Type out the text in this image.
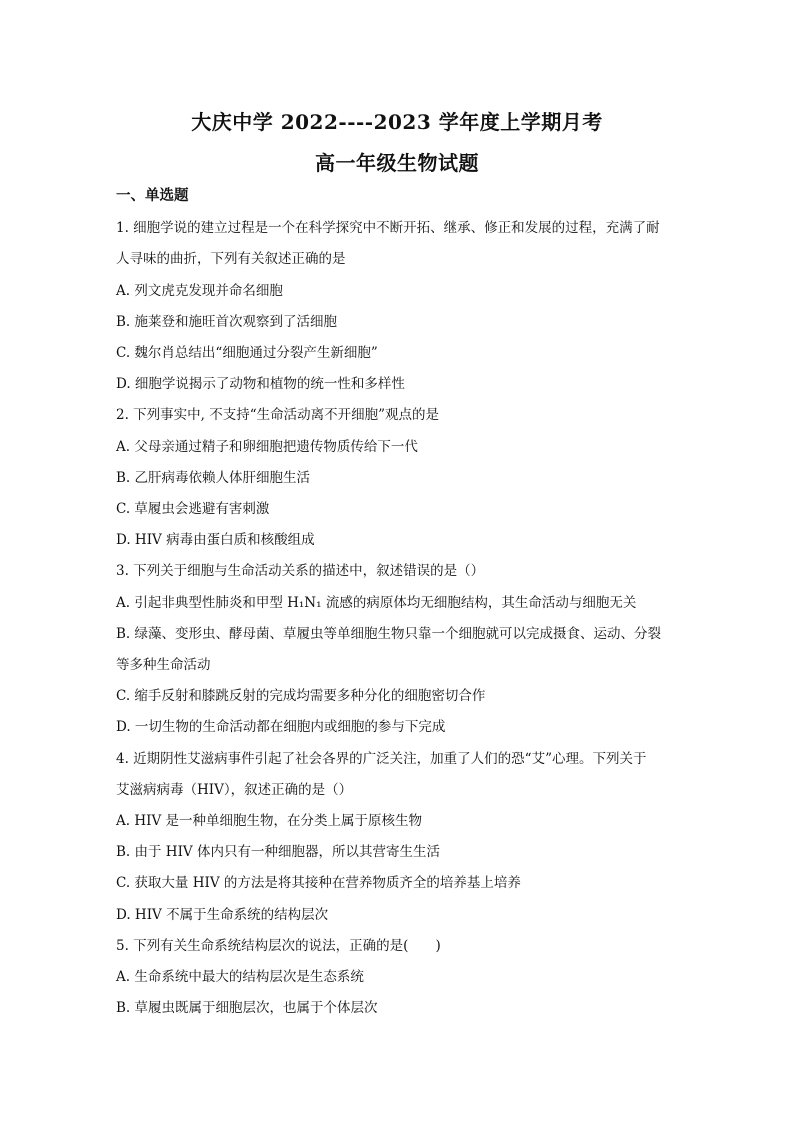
大庆中学 2022----2023 学年度上学期月考
高一年级生物试题
一、单选题
1. 细胞学说的建立过程是一个在科学探究中不断开拓、继承、修正和发展的过程，充满了耐
人寻味的曲折，下列有关叙述正确的是
A. 列文虎克发现并命名细胞
B. 施莱登和施旺首次观察到了活细胞
C. 魏尔肖总结出“细胞通过分裂产生新细胞”
D. 细胞学说揭示了动物和植物的统一性和多样性
2. 下列事实中, 不支持“生命活动离不开细胞”观点的是
A. 父母亲通过精子和卵细胞把遗传物质传给下一代
B. 乙肝病毒依赖人体肝细胞生活
C. 草履虫会逃避有害刺激
D. HIV 病毒由蛋白质和核酸组成
3. 下列关于细胞与生命活动关系的描述中，叙述错误的是（）
A. 引起非典型性肺炎和甲型 H₁N₁ 流感的病原体均无细胞结构，其生命活动与细胞无关
B. 绿藻、变形虫、酵母菌、草履虫等单细胞生物只靠一个细胞就可以完成摄食、运动、分裂
等多种生命活动
C. 缩手反射和膝跳反射的完成均需要多种分化的细胞密切合作
D. 一切生物的生命活动都在细胞内或细胞的参与下完成
4. 近期阴性艾滋病事件引起了社会各界的广泛关注，加重了人们的恐“艾”心理。下列关于
艾滋病病毒（HIV），叙述正确的是（）
A. HIV 是一种单细胞生物，在分类上属于原核生物
B. 由于 HIV 体内只有一种细胞器，所以其营寄生生活
C. 获取大量 HIV 的方法是将其接种在营养物质齐全的培养基上培养
D. HIV 不属于生命系统的结构层次
5. 下列有关生命系统结构层次的说法，正确的是(　　)
A. 生命系统中最大的结构层次是生态系统
B. 草履虫既属于细胞层次，也属于个体层次
